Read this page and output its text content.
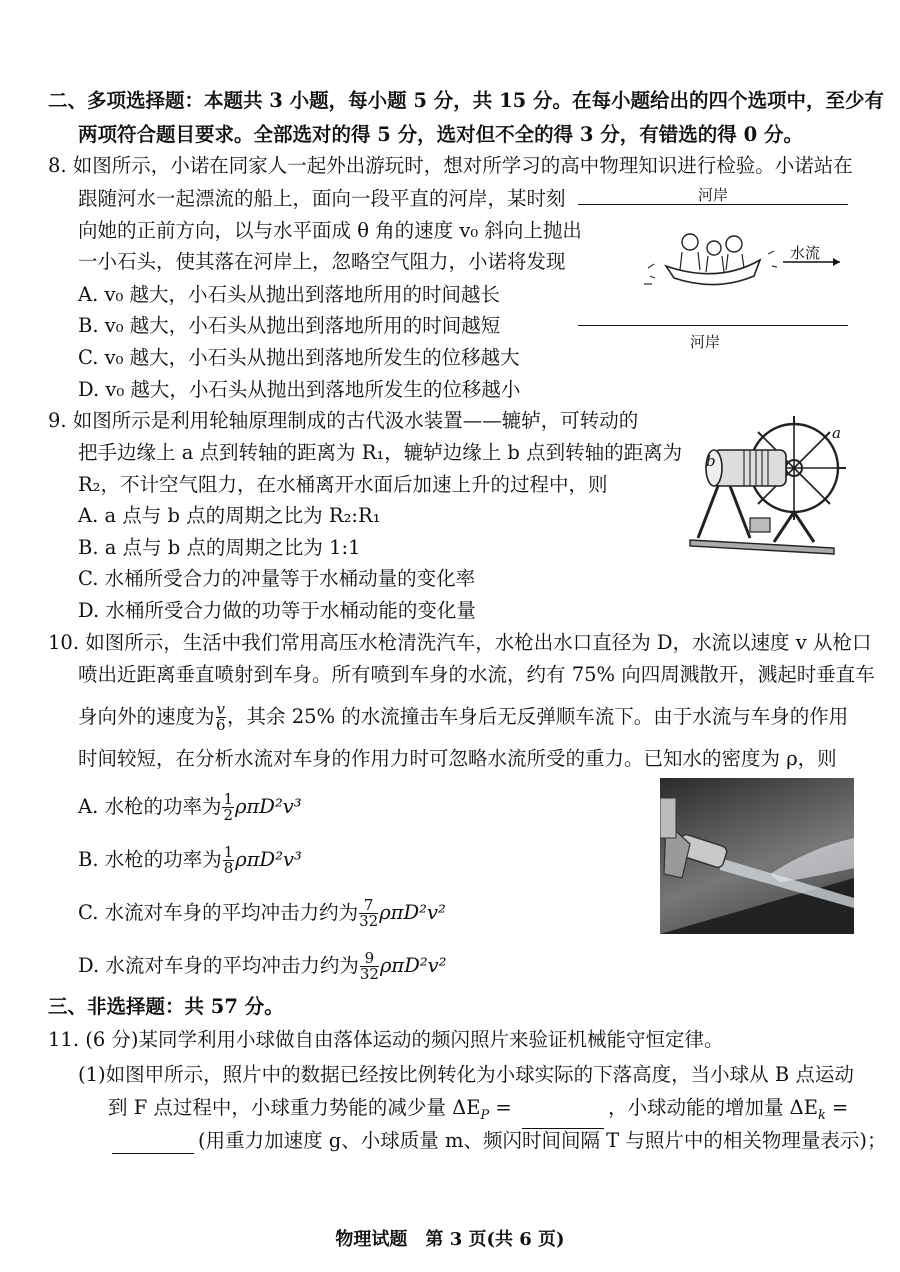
二、多项选择题：本题共 3 小题，每小题 5 分，共 15 分。在每小题给出的四个选项中，至少有
两项符合题目要求。全部选对的得 5 分，选对但不全的得 3 分，有错选的得 0 分。
8. 如图所示，小诺在同家人一起外出游玩时，想对所学习的高中物理知识进行检验。小诺站在
跟随河水一起漂流的船上，面向一段平直的河岸，某时刻
向她的正前方向，以与水平面成 θ 角的速度 v₀ 斜向上抛出
一小石头，使其落在河岸上，忽略空气阻力，小诺将发现
A. v₀ 越大，小石头从抛出到落地所用的时间越长
B. v₀ 越大，小石头从抛出到落地所用的时间越短
C. v₀ 越大，小石头从抛出到落地所发生的位移越大
D. v₀ 越大，小石头从抛出到落地所发生的位移越小
河岸
水流
河岸
9. 如图所示是利用轮轴原理制成的古代汲水装置——辘轳，可转动的
把手边缘上 a 点到转轴的距离为 R₁，辘轳边缘上 b 点到转轴的距离为
R₂，不计空气阻力，在水桶离开水面后加速上升的过程中，则
A. a 点与 b 点的周期之比为 R₂:R₁
B. a 点与 b 点的周期之比为 1:1
C. 水桶所受合力的冲量等于水桶动量的变化率
D. 水桶所受合力做的功等于水桶动能的变化量
b
a
10. 如图所示，生活中我们常用高压水枪清洗汽车，水枪出水口直径为 D，水流以速度 v 从枪口
喷出近距离垂直喷射到车身。所有喷到车身的水流，约有 75% 向四周溅散开，溅起时垂直车
身向外的速度为 $\frac{v}{6}$ ，其余 25% 的水流撞击车身后无反弹顺车流下。由于水流与车身的作用
时间较短，在分析水流对车身的作用力时可忽略水流所受的重力。已知水的密度为 ρ，则
A. 水枪的功率为 $\frac{1}{2} \rho\pi D^2v^3$
B. 水枪的功率为 $\frac{1}{8} \rho\pi D^2v^3$
C. 水流对车身的平均冲击力约为 $\frac{7}{32} \rho\pi D^2v^2$
D. 水流对车身的平均冲击力约为 $\frac{9}{32} \rho\pi D^2v^2$
三、非选择题：共 57 分。
11. (6 分)某同学利用小球做自由落体运动的频闪照片来验证机械能守恒定律。
(1)如图甲所示，照片中的数据已经按比例转化为小球实际的下落高度，当小球从 B 点运动
到 F 点过程中，小球重力势能的减少量 $\Delta E_P$ =	，小球动能的增加量 $\Delta E_k$ =
(用重力加速度 g、小球质量 m、频闪时间间隔 T 与照片中的相关物理量表示)；
物理试题　第 3 页(共 6 页)
